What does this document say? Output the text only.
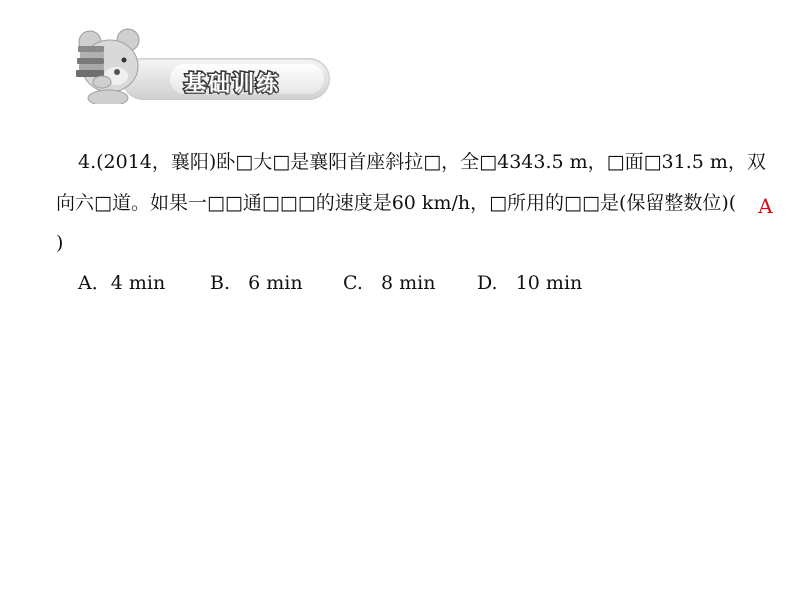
基础训练

4.(2014，襄阳)卧□大□是襄阳首座斜拉□，全□4343.5 m，□面□31.5 m，双向六□道。如果一□□通□□□的速度是60 km/h，□所用的□□是(保留整数位)( A)

A．4 min	B.   6 min	C.   8 min	D.   10 min
